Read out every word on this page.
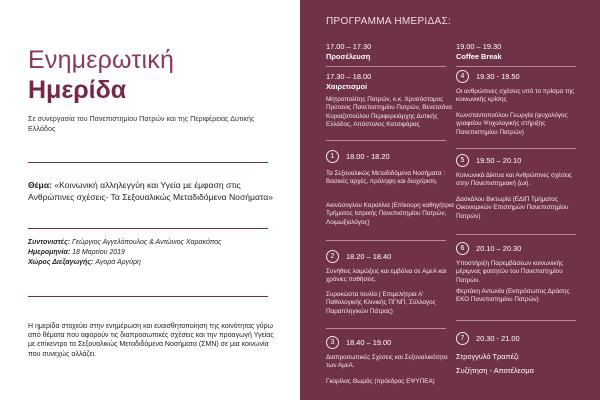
Ενημερωτική
Ημερίδα
Σε συνεργασία του Πανεπιστημίου Πατρών και της Περιφέρειας Δυτικής Ελλάδος
Θέμα: «Κοινωνική αλληλεγγύη και Υγεία με έμφαση στις Ανθρώπινες σχέσεις- Τα Σεξουαλικώς Μεταδιδόμενα Νοσήματα»
Συντονιστές: Γεώργιος Αγγελόπουλος & Αντώνιος Χαρακόπος
Ημερομηνία: 18 Μαρτίου 2019
Χώρος Διεξαγωγής: Αγορά Αργύρη
Η ημερίδα στοχεύει στην ενημέρωση και ευαισθητοποίηση της κοινότητας γύρω από θέματα που αφορούν τις διαπροσωπικές σχέσεις και την προαγωγή Υγείας με επίκεντρο τα Σεξουαλικώς Μεταδιδόμενα Νοσήματα (ΣΜΝ) σε μια κοινωνία που συνεχώς αλλάζει.
ΠΡΟΓΡΑΜΜΑ ΗΜΕΡΙΔΑΣ:
17.00 – 17.30
Προσέλευση
17.30 – 18.00
Χαιρετισμοί
Μητροπολίτης Πατρών, κ.κ. Χρυσόστομος Πρύτανις Πανεπιστημίου Πατρών, Βενετσάνα Κυριαζοπούλου Περιφερειάρχης Δυτικής Ελλάδος, Απόστολος Κατσιφάρας
1	18.00 - 18.20
Τα Σεξουαλικώς Μεταδιδόμενα Νοσήματα : Βασικές αρχές, πρόληψη και διαχείριση.
Ακινόσογλου Καρολίνα (Επίκουρη καθηγήτρια Τμήματος Ιατρικής Πανεπιστημίου Πατρών, Λοιμωξιολόγος)
2	18.20 – 18.40
Συνήθεις λοιμώξεις και εμβόλια σε ΑμεΑ και χρόνιες παθήσεις.
Συροκώστα Ιουλία ( Επιμελήτρια Α' Παθολογικής Κλινικής ΠΓΝΠ, Σύλλογος Παραπληγικών Πάτρας)
3	18.40 – 19.00
Διαπροσωπικές Σχέσεις και Σεξουαλικότητα των ΑμεΑ.
Γκορίλας Θωμάς (πρόεδρος ΕΨΥΠΕΑ)
19.00 – 19.30
Coffee Break
4	19.30 - 19.50
Οι ανθρώπινες σχέσεις υπό το πρίσμα της κοινωνικής κρίσης
Κωνσταντοπούλου Γεωργία (ψυχολόγος γραφείου Ψυχολογικής στήριξης Πανεπιστημίου Πατρών)
5	19.50 – 20.10
Κοινωνικά Δίκτυα και Ανθρώπινες σχέσεις στην Πανεπιστημιακή ζωή.
Δασκάλου Βικτωρία (ΕΔΙΠ Τμήματος Οικονομικών Επιστημών Πανεπιστημίου Πατρών)
6	20.10 – 20.30
Υποστήριξη Παρεμβάσεων κοινωνικής μέριμνας φοιτητών του Πανεπιστημίου Πατρών.
Φερτάκη Αντωνία (Εκπρόσωπος Δράσης ΕΚΟ Πανεπιστημίου Πατρών)
7	20.30 - 21.00
Στρογγυλό Τραπέζι
Συζήτηση - Αποτέλεσμα
